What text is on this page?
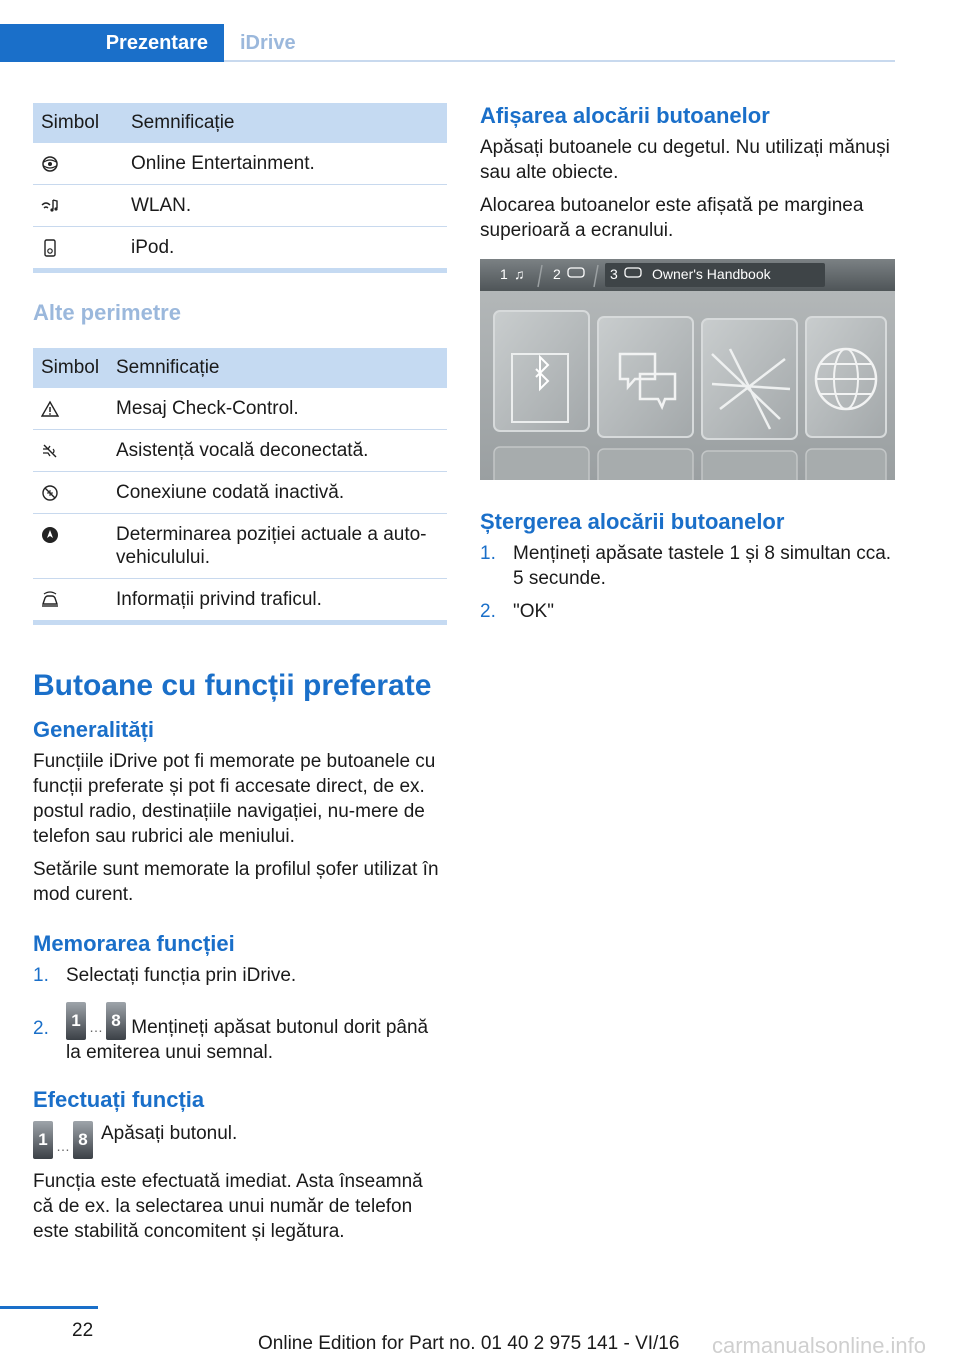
Prezentare	iDrive
Simbol	Semnificație

	Online Entertainment.

	WLAN.

	iPod.
Alte perimetre
Simbol	Semnificație

	Mesaj Check-Control.

	Asistență vocală deconectată.

	Conexiune codată inactivă.

	Determinarea poziției actuale a auto-vehiculului.

	Informații privind traficul.
Butoane cu funcții preferate
Generalități

Funcțiile iDrive pot fi memorate pe butoanele cu funcții preferate și pot fi accesate direct, de ex. postul radio, destinațiile navigației, nu-mere de telefon sau rubrici ale meniului.

Setările sunt memorate la profilul șofer utilizat în mod curent.

Memorarea funcției
1. Selectați funcția prin iDrive.
2.	1 … 8 Mențineți apăsat butonul dorit până la emiterea unui semnal.
Efectuați funcția
1 … 8 Apăsați butonul.

Funcția este efectuată imediat. Asta înseamnă că de ex. la selectarea unui număr de telefon este stabilită concomitent și legătura.

Afișarea alocării butoanelor

Apăsați butoanele cu degetul. Nu utilizați mănuși sau alte obiecte.

Alocarea butoanelor este afișată pe marginea superioară a ecranului.

1 ♫ 2	3 Owner's Handbook
Ștergerea alocării butoanelor
1. Mențineți apăsate tastele 1 și 8 simultan cca. 5 secunde.
2. "OK"
22
Online Edition for Part no. 01 40 2 975 141 - VI/16 carmanualsonline.info
